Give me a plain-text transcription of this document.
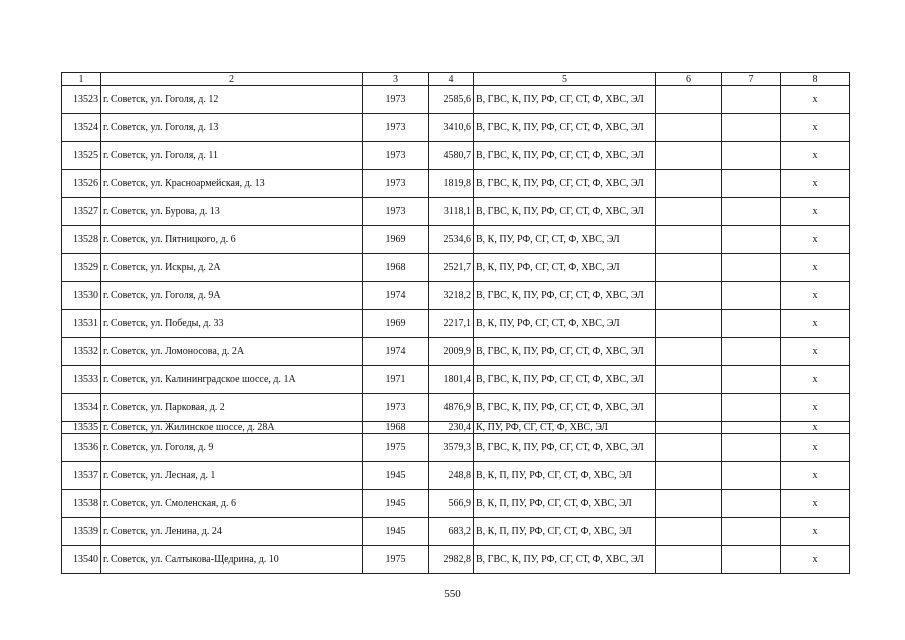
1	2	3	4	5	6	7	8
13523	г. Советск, ул. Гоголя, д. 12	1973	2585,6	В, ГВС, К, ПУ, РФ, СГ, СТ, Ф, ХВС, ЭЛ			x
13524	г. Советск, ул. Гоголя, д. 13	1973	3410,6	В, ГВС, К, ПУ, РФ, СГ, СТ, Ф, ХВС, ЭЛ			x
13525	г. Советск, ул. Гоголя, д. 11	1973	4580,7	В, ГВС, К, ПУ, РФ, СГ, СТ, Ф, ХВС, ЭЛ			x
13526	г. Советск, ул. Красноармейская, д. 13	1973	1819,8	В, ГВС, К, ПУ, РФ, СГ, СТ, Ф, ХВС, ЭЛ			x
13527	г. Советск, ул. Бурова, д. 13	1973	3118,1	В, ГВС, К, ПУ, РФ, СГ, СТ, Ф, ХВС, ЭЛ			x
13528	г. Советск, ул. Пятницкого, д. 6	1969	2534,6	В, К, ПУ, РФ, СГ, СТ, Ф, ХВС, ЭЛ			x
13529	г. Советск, ул. Искры, д. 2А	1968	2521,7	В, К, ПУ, РФ, СГ, СТ, Ф, ХВС, ЭЛ			x
13530	г. Советск, ул. Гоголя, д. 9А	1974	3218,2	В, ГВС, К, ПУ, РФ, СГ, СТ, Ф, ХВС, ЭЛ			x
13531	г. Советск, ул. Победы, д. 33	1969	2217,1	В, К, ПУ, РФ, СГ, СТ, Ф, ХВС, ЭЛ			x
13532	г. Советск, ул. Ломоносова, д. 2А	1974	2009,9	В, ГВС, К, ПУ, РФ, СГ, СТ, Ф, ХВС, ЭЛ			x
13533	г. Советск, ул. Калининградское шоссе, д. 1А	1971	1801,4	В, ГВС, К, ПУ, РФ, СГ, СТ, Ф, ХВС, ЭЛ			x
13534	г. Советск, ул. Парковая, д. 2	1973	4876,9	В, ГВС, К, ПУ, РФ, СГ, СТ, Ф, ХВС, ЭЛ			x
13535	г. Советск, ул. Жилинское шоссе, д. 28А	1968	230,4	К, ПУ, РФ, СГ, СТ, Ф, ХВС, ЭЛ			x
13536	г. Советск, ул. Гоголя, д. 9	1975	3579,3	В, ГВС, К, ПУ, РФ, СГ, СТ, Ф, ХВС, ЭЛ			x
13537	г. Советск, ул. Лесная, д. 1	1945	248,8	В, К, П, ПУ, РФ, СГ, СТ, Ф, ХВС, ЭЛ			x
13538	г. Советск, ул. Смоленская, д. 6	1945	566,9	В, К, П, ПУ, РФ, СГ, СТ, Ф, ХВС, ЭЛ			x
13539	г. Советск, ул. Ленина, д. 24	1945	683,2	В, К, П, ПУ, РФ, СГ, СТ, Ф, ХВС, ЭЛ			x
13540	г. Советск, ул. Салтыкова-Щедрина, д. 10	1975	2982,8	В, ГВС, К, ПУ, РФ, СГ, СТ, Ф, ХВС, ЭЛ			x
550
